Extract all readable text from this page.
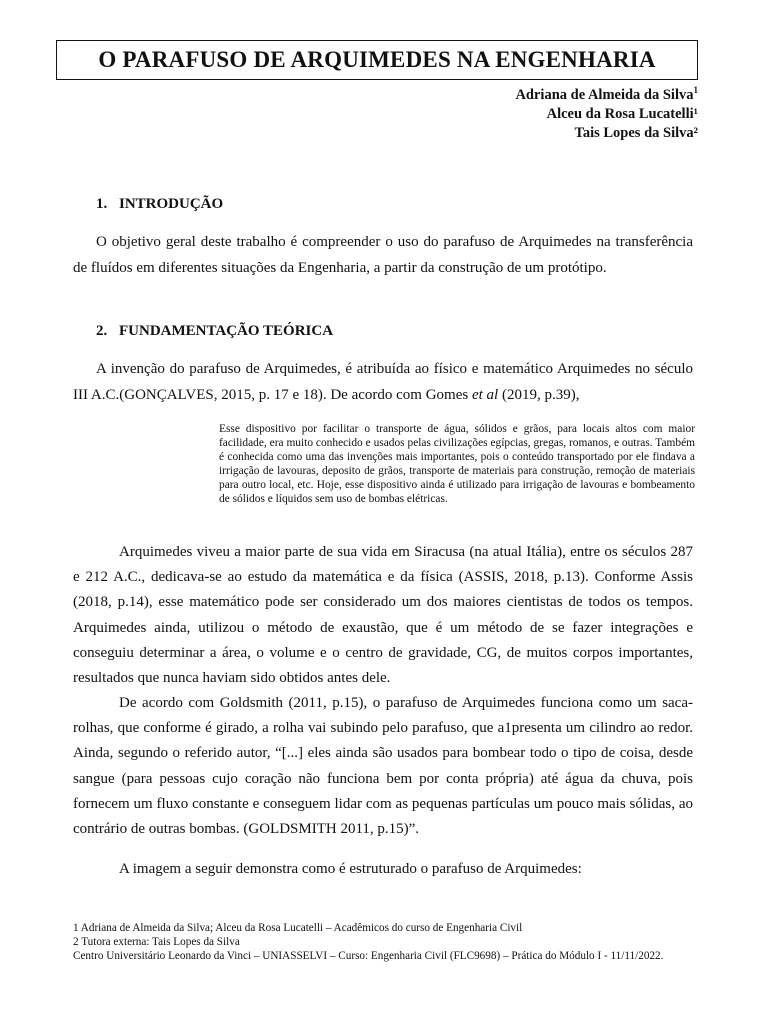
O PARAFUSO DE ARQUIMEDES NA ENGENHARIA
Adriana de Almeida da Silva$^1$
Alceu da Rosa Lucatelli¹
Tais Lopes da Silva²
1. INTRODUÇÃO

O objetivo geral deste trabalho é compreender o uso do parafuso de Arquimedes na transferência de fluídos em diferentes situações da Engenharia, a partir da construção de um protótipo.

2. FUNDAMENTAÇÃO TEÓRICA

A invenção do parafuso de Arquimedes, é atribuída ao físico e matemático Arquimedes no século III A.C.(GONÇALVES, 2015, p. 17 e 18). De acordo com Gomes et al (2019, p.39),

Esse dispositivo por facilitar o transporte de água, sólidos e grãos, para locais altos com maior facilidade, era muito conhecido e usados pelas civilizações egípcias, gregas, romanos, e outras. Também é conhecida como uma das invenções mais importantes, pois o conteúdo transportado por ele findava a irrigação de lavouras, deposito de grãos, transporte de materiais para construção, remoção de materiais para outro local, etc. Hoje, esse dispositivo ainda é utilizado para irrigação de lavouras e bombeamento de sólidos e líquidos sem uso de bombas elétricas.

Arquimedes viveu a maior parte de sua vida em Siracusa (na atual Itália), entre os séculos 287 e 212 A.C., dedicava-se ao estudo da matemática e da física (ASSIS, 2018, p.13). Conforme Assis (2018, p.14), esse matemático pode ser considerado um dos maiores cientistas de todos os tempos. Arquimedes ainda, utilizou o método de exaustão, que é um método de se fazer integrações e conseguiu determinar a área, o volume e o centro de gravidade, CG, de muitos corpos importantes, resultados que nunca haviam sido obtidos antes dele.

De acordo com Goldsmith (2011, p.15), o parafuso de Arquimedes funciona como um saca-rolhas, que conforme é girado, a rolha vai subindo pelo parafuso, que a1presenta um cilindro ao redor. Ainda, segundo o referido autor, “[...] eles ainda são usados para bombear todo o tipo de coisa, desde sangue (para pessoas cujo coração não funciona bem por conta própria) até água da chuva, pois fornecem um fluxo constante e conseguem lidar com as pequenas partículas um pouco mais sólidas, ao contrário de outras bombas. (GOLDSMITH 2011, p.15)”.

A imagem a seguir demonstra como é estruturado o parafuso de Arquimedes:

1 Adriana de Almeida da Silva; Alceu da Rosa Lucatelli – Acadêmicos do curso de Engenharia Civil
2 Tutora externa: Tais Lopes da Silva
Centro Universitário Leonardo da Vinci – UNIASSELVI – Curso: Engenharia Civil (FLC9698) – Prática do Módulo I - 11/11/2022.
